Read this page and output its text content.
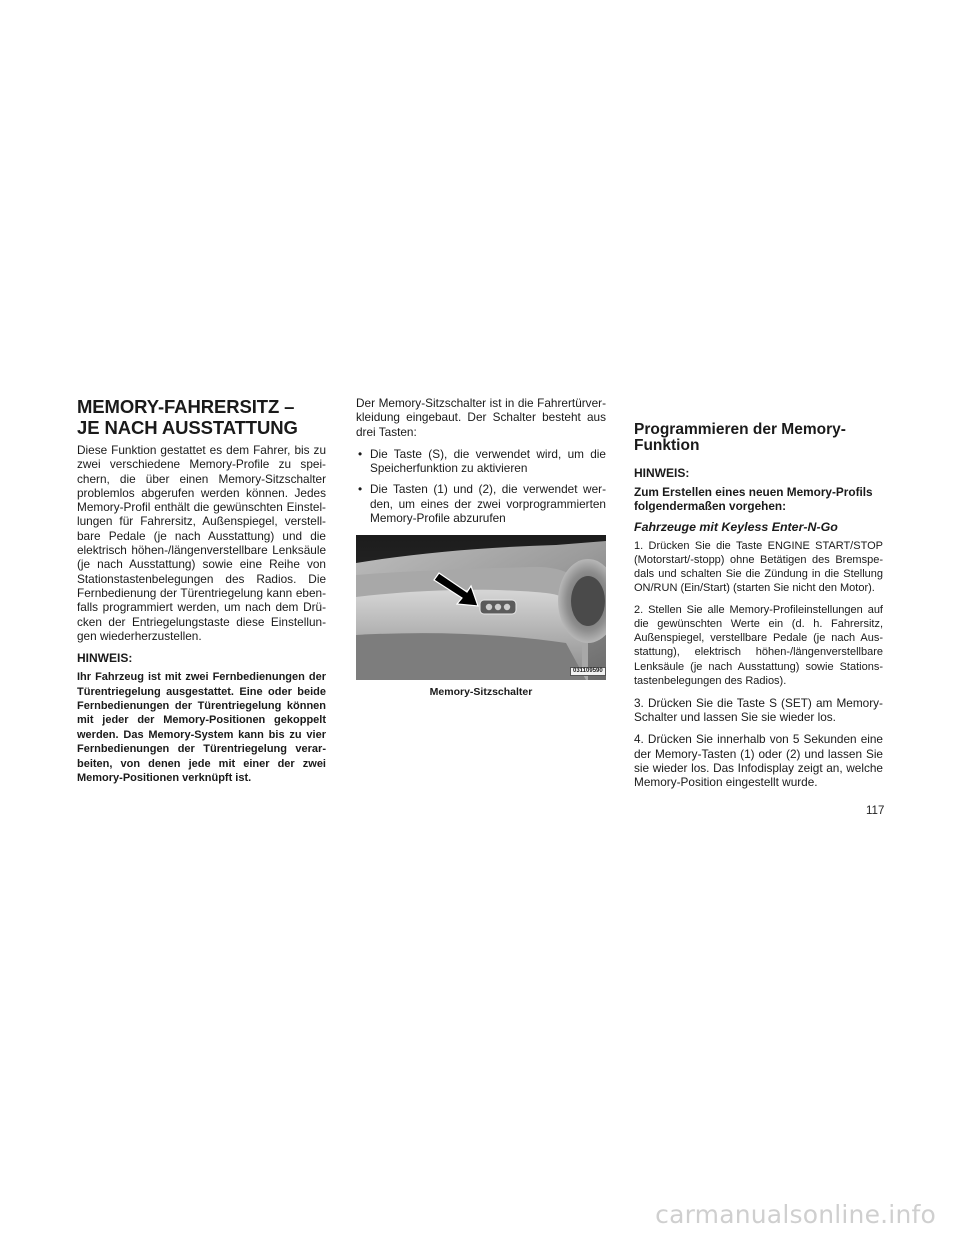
MEMORY-FAHRERSITZ –
JE NACH AUSSTATTUNG

Diese Funktion gestattet es dem Fahrer, bis zu zwei verschiedene Memory-Profile zu spei-chern, die über einen Memory-Sitzschalter problemlos abgerufen werden können. Jedes Memory-Profil enthält die gewünschten Einstel-lungen für Fahrersitz, Außenspiegel, verstell-bare Pedale (je nach Ausstattung) und die elektrisch höhen-/längenverstellbare Lenksäule (je nach Ausstattung) sowie eine Reihe von Stationstastenbelegungen des Radios. Die Fernbedienung der Türentriegelung kann eben-falls programmiert werden, um nach dem Drü-cken der Entriegelungstaste diese Einstellun-gen wiederherzustellen.

HINWEIS:

Ihr Fahrzeug ist mit zwei Fernbedienungen der Türentriegelung ausgestattet. Eine oder beide Fernbedienungen der Türentriegelung können mit jeder der Memory-Positionen gekoppelt werden. Das Memory-System kann bis zu vier Fernbedienungen der Türentriegelung verar-beiten, von denen jede mit einer der zwei Memory-Positionen verknüpft ist.

Der Memory-Sitzschalter ist in die Fahrertürver-kleidung eingebaut. Der Schalter besteht aus drei Tasten:

• Die Taste (S), die verwendet wird, um die Speicherfunktion zu aktivieren
• Die Tasten (1) und (2), die verwendet wer-den, um eines der zwei vorprogrammierten Memory-Profile abzurufen
031109590
Memory-Sitzschalter
Programmieren der Memory-
Funktion
HINWEIS:

Zum Erstellen eines neuen Memory-Profils folgendermaßen vorgehen:

Fahrzeuge mit Keyless Enter-N-Go

1. Drücken Sie die Taste ENGINE START/STOP (Motorstart/-stopp) ohne Betätigen des Bremspe-dals und schalten Sie die Zündung in die Stellung ON/RUN (Ein/Start) (starten Sie nicht den Motor).

2. Stellen Sie alle Memory-Profileinstellungen auf die gewünschten Werte ein (d. h. Fahrersitz, Außenspiegel, verstellbare Pedale (je nach Aus-stattung), elektrisch höhen-/längenverstellbare Lenksäule (je nach Ausstattung) sowie Stations-tastenbelegungen des Radios).

3. Drücken Sie die Taste S (SET) am Memory-Schalter und lassen Sie sie wieder los.

4. Drücken Sie innerhalb von 5 Sekunden eine der Memory-Tasten (1) oder (2) und lassen Sie sie wieder los. Das Infodisplay zeigt an, welche Memory-Position eingestellt wurde.

117
carmanualsonline.info
